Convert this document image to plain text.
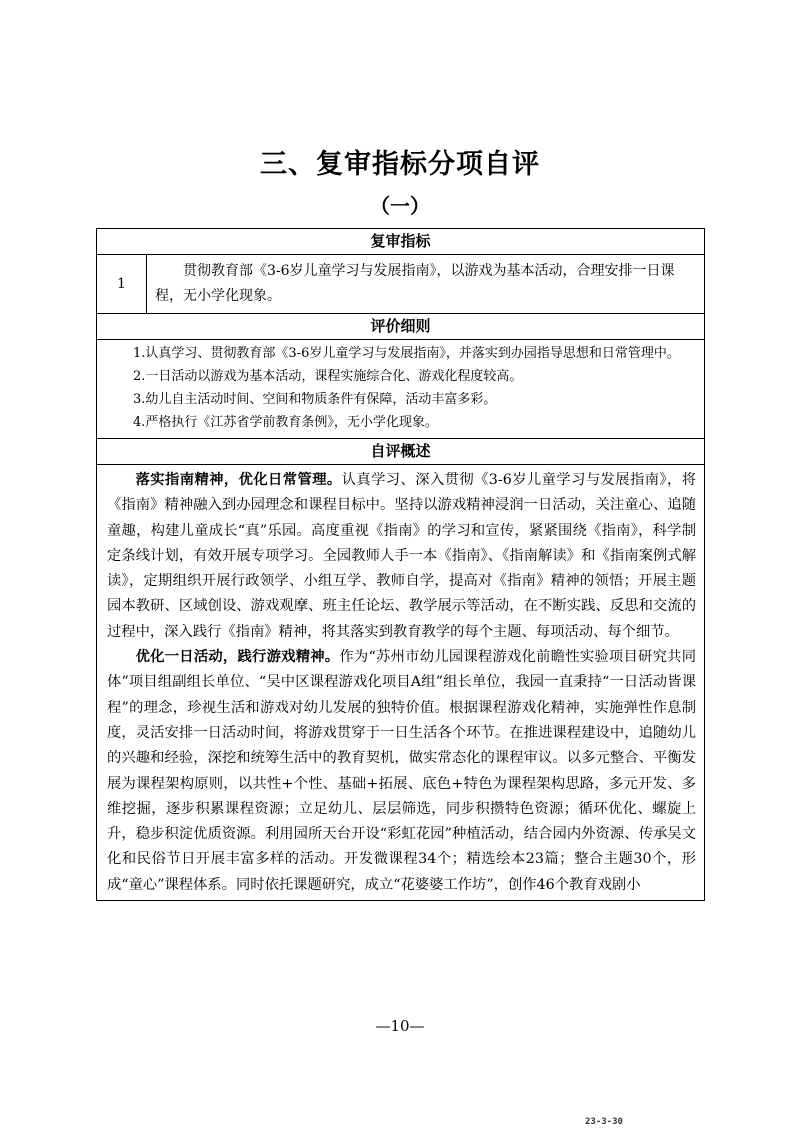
三、复审指标分项自评
（一）
复审指标
1	贯彻教育部《3-6岁儿童学习与发展指南》，以游戏为基本活动，合理安排一日课程，无小学化现象。
评价细则

1.认真学习、贯彻教育部《3-6岁儿童学习与发展指南》，并落实到办园指导思想和日常管理中。

2.一日活动以游戏为基本活动，课程实施综合化、游戏化程度较高。

3.幼儿自主活动时间、空间和物质条件有保障，活动丰富多彩。

4.严格执行《江苏省学前教育条例》，无小学化现象。

自评概述

落实指南精神，优化日常管理。认真学习、深入贯彻《3-6岁儿童学习与发展指南》，将《指南》精神融入到办园理念和课程目标中。坚持以游戏精神浸润一日活动，关注童心、追随童趣，构建儿童成长“真”乐园。高度重视《指南》的学习和宣传，紧紧围绕《指南》，科学制定条线计划，有效开展专项学习。全园教师人手一本《指南》、《指南解读》和《指南案例式解读》，定期组织开展行政领学、小组互学、教师自学，提高对《指南》精神的领悟；开展主题园本教研、区域创设、游戏观摩、班主任论坛、教学展示等活动，在不断实践、反思和交流的过程中，深入践行《指南》精神，将其落实到教育教学的每个主题、每项活动、每个细节。

优化一日活动，践行游戏精神。作为“苏州市幼儿园课程游戏化前瞻性实验项目研究共同体”项目组副组长单位、“吴中区课程游戏化项目A组”组长单位，我园一直秉持“一日活动皆课程”的理念，珍视生活和游戏对幼儿发展的独特价值。根据课程游戏化精神，实施弹性作息制度，灵活安排一日活动时间，将游戏贯穿于一日生活各个环节。在推进课程建设中，追随幼儿的兴趣和经验，深挖和统筹生活中的教育契机，做实常态化的课程审议。以多元整合、平衡发展为课程架构原则，以共性+个性、基础+拓展、底色+特色为课程架构思路，多元开发、多维挖掘，逐步积累课程资源；立足幼儿、层层筛选，同步积攒特色资源；循环优化、螺旋上升，稳步积淀优质资源。利用园所天台开设“彩虹花园”种植活动，结合园内外资源、传承吴文化和民俗节日开展丰富多样的活动。开发微课程34个；精选绘本23篇；整合主题30个，形成“童心”课程体系。同时依托课题研究，成立“花婆婆工作坊”，创作46个教育戏剧小

—10—
23-3-30
